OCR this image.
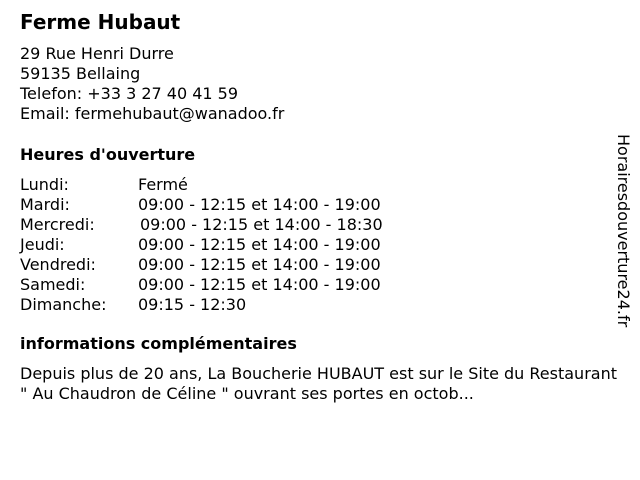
Ferme Hubaut
29 Rue Henri Durre
59135 Bellaing
Telefon: +33 3 27 40 41 59
Email: fermehubaut@wanadoo.fr
Heures d'ouverture
Lundi:	Fermé
Mardi:	09:00 - 12:15 et 14:00 - 19:00
Mercredi:	09:00 - 12:15 et 14:00 - 18:30
Jeudi:	09:00 - 12:15 et 14:00 - 19:00
Vendredi:	09:00 - 12:15 et 14:00 - 19:00
Samedi:	09:00 - 12:15 et 14:00 - 19:00
Dimanche: 09:15 - 12:30
informations complémentaires
Depuis plus de 20 ans, La Boucherie HUBAUT est sur le Site du Restaurant " Au Chaudron de Céline " ouvrant ses portes en octob...
Horairesdouverture24.fr
